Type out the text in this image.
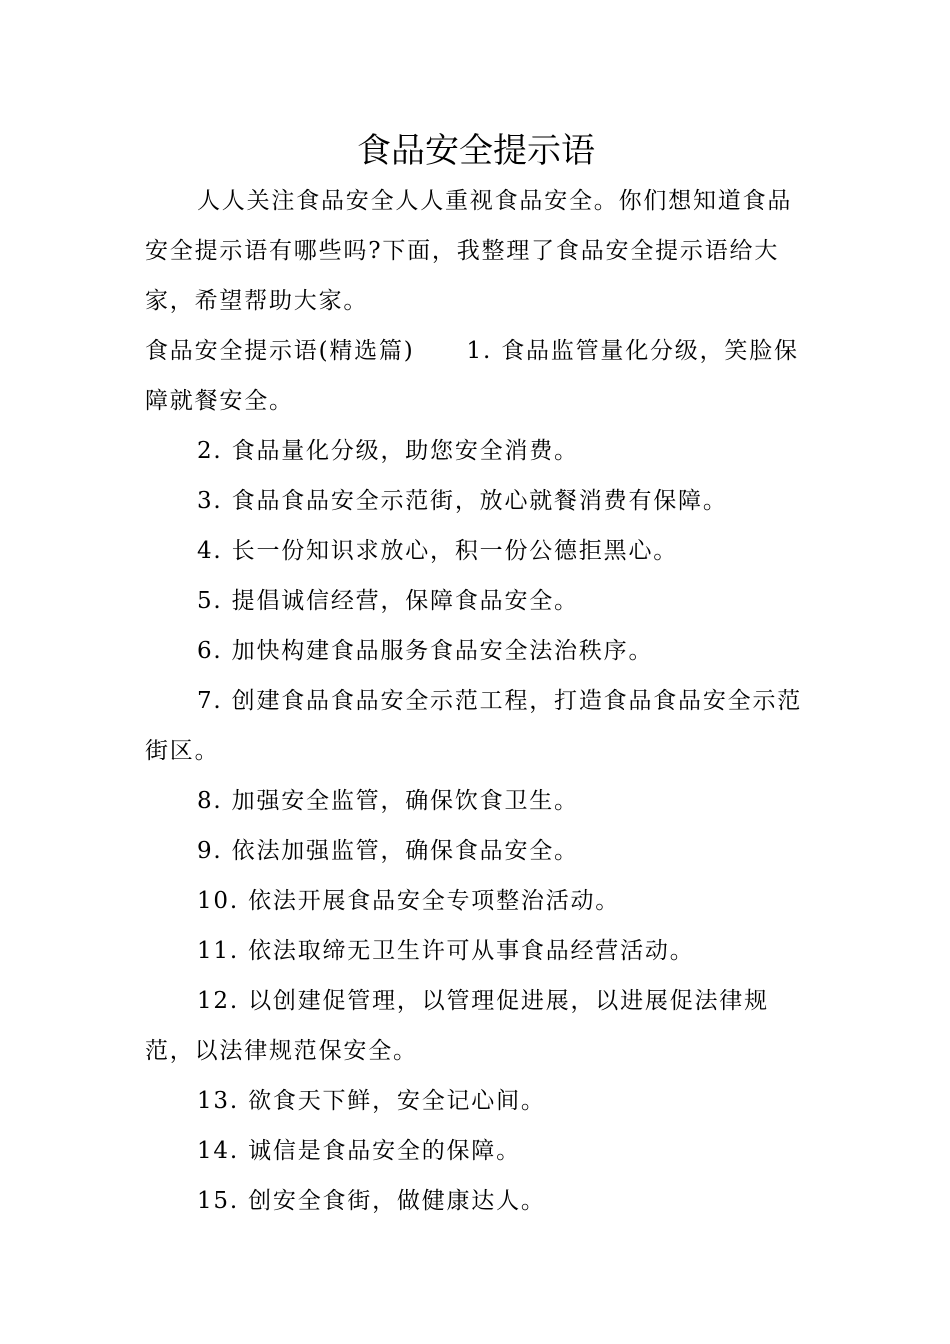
食品安全提示语

人人关注食品安全人人重视食品安全。你们想知道食品安全提示语有哪些吗?下面，我整理了食品安全提示语给大家，希望帮助大家。

食品安全提示语(精选篇) 1. 食品监管量化分级，笑脸保障就餐安全。

2. 食品量化分级，助您安全消费。

3. 食品食品安全示范街，放心就餐消费有保障。

4. 长一份知识求放心，积一份公德拒黑心。

5. 提倡诚信经营，保障食品安全。

6. 加快构建食品服务食品安全法治秩序。

7. 创建食品食品安全示范工程，打造食品食品安全示范街区。

8. 加强安全监管，确保饮食卫生。

9. 依法加强监管，确保食品安全。

10. 依法开展食品安全专项整治活动。

11. 依法取缔无卫生许可从事食品经营活动。

12. 以创建促管理，以管理促进展，以进展促法律规范，以法律规范保安全。

13. 欲食天下鲜，安全记心间。

14. 诚信是食品安全的保障。

15. 创安全食街，做健康达人。
